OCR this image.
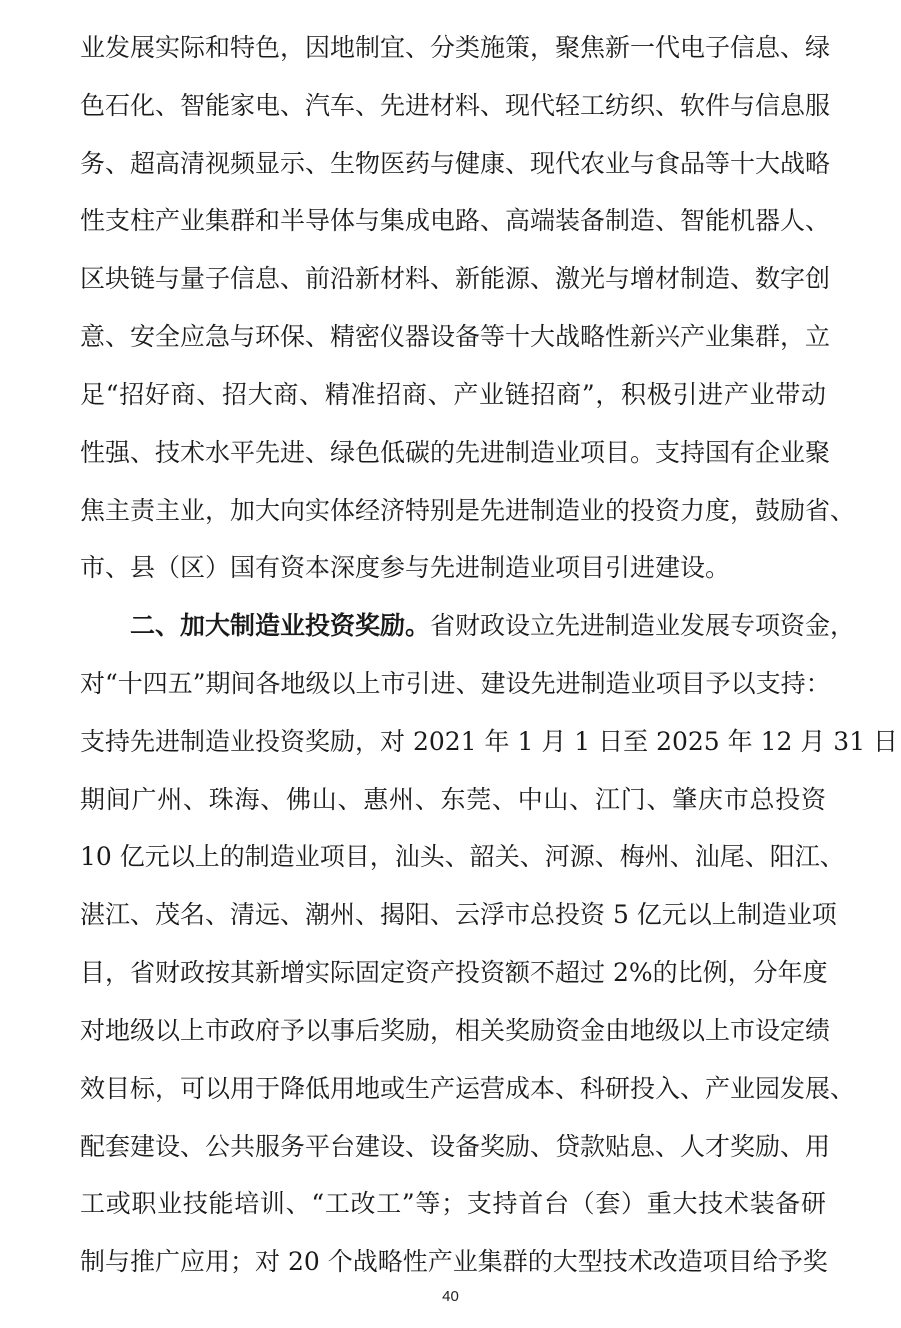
业发展实际和特色，因地制宜、分类施策，聚焦新一代电子信息、绿
色石化、智能家电、汽车、先进材料、现代轻工纺织、软件与信息服
务、超高清视频显示、生物医药与健康、现代农业与食品等十大战略
性支柱产业集群和半导体与集成电路、高端装备制造、智能机器人、
区块链与量子信息、前沿新材料、新能源、激光与增材制造、数字创
意、安全应急与环保、精密仪器设备等十大战略性新兴产业集群，立
足“招好商、招大商、精准招商、产业链招商”，积极引进产业带动
性强、技术水平先进、绿色低碳的先进制造业项目。支持国有企业聚
焦主责主业，加大向实体经济特别是先进制造业的投资力度，鼓励省、
市、县（区）国有资本深度参与先进制造业项目引进建设。
二、加大制造业投资奖励。省财政设立先进制造业发展专项资金，
对“十四五”期间各地级以上市引进、建设先进制造业项目予以支持：
支持先进制造业投资奖励，对 2021 年 1 月 1 日至 2025 年 12 月 31 日
期间广州、珠海、佛山、惠州、东莞、中山、江门、肇庆市总投资
10 亿元以上的制造业项目，汕头、韶关、河源、梅州、汕尾、阳江、
湛江、茂名、清远、潮州、揭阳、云浮市总投资 5 亿元以上制造业项
目，省财政按其新增实际固定资产投资额不超过 2%的比例，分年度
对地级以上市政府予以事后奖励，相关奖励资金由地级以上市设定绩
效目标，可以用于降低用地或生产运营成本、科研投入、产业园发展、
配套建设、公共服务平台建设、设备奖励、贷款贴息、人才奖励、用
工或职业技能培训、“工改工”等；支持首台（套）重大技术装备研
制与推广应用；对 20 个战略性产业集群的大型技术改造项目给予奖
40
